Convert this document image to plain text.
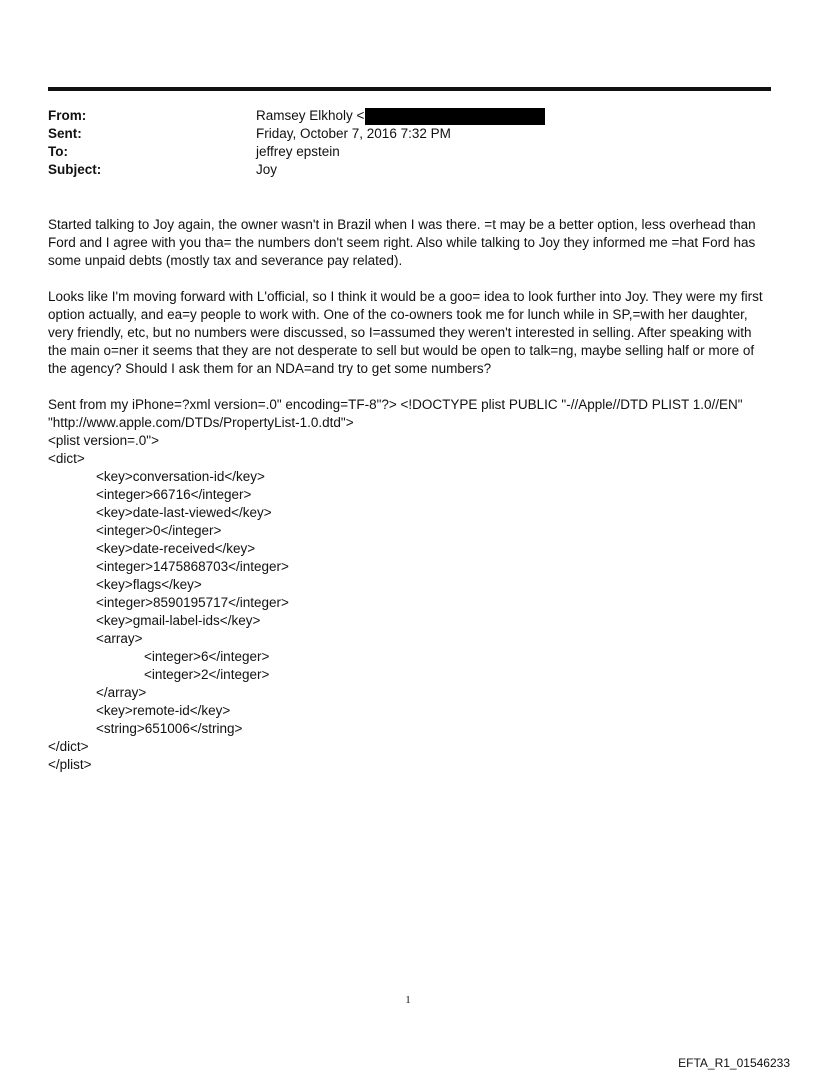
From:	Ramsey Elkholy <
Sent:	Friday, October 7, 2016 7:32 PM
To:	jeffrey epstein
Subject:	Joy

Started talking to Joy again, the owner wasn't in Brazil when I was there. =t may be a better option, less overhead than Ford and I agree with you tha= the numbers don't seem right. Also while talking to Joy they informed me =hat Ford has some unpaid debts (mostly tax and severance pay related).

Looks like I'm moving forward with L'official, so I think it would be a goo= idea to look further into Joy. They were my first option actually, and ea=y people to work with. One of the co-owners took me for lunch while in SP,=with her daughter, very friendly, etc, but no numbers were discussed, so I=assumed they weren't interested in selling. After speaking with the main o=ner it seems that they are not desperate to sell but would be open to talk=ng, maybe selling half or more of the agency? Should I ask them for an NDA=and try to get some numbers?

Sent from my iPhone=?xml version=.0" encoding=TF-8"?> <!DOCTYPE plist PUBLIC "-//Apple//DTD PLIST 1.0//EN"
"http://www.apple.com/DTDs/PropertyList-1.0.dtd">
<plist version=.0">
<dict>
<key>conversation-id</key>
<integer>66716</integer>
<key>date-last-viewed</key>
<integer>0</integer>
<key>date-received</key>
<integer>1475868703</integer>
<key>flags</key>
<integer>8590195717</integer>
<key>gmail-label-ids</key>
<array>
<integer>6</integer>
<integer>2</integer>
</array>
<key>remote-id</key>
<string>651006</string>
</dict>
</plist>
1
EFTA_R1_01546233
